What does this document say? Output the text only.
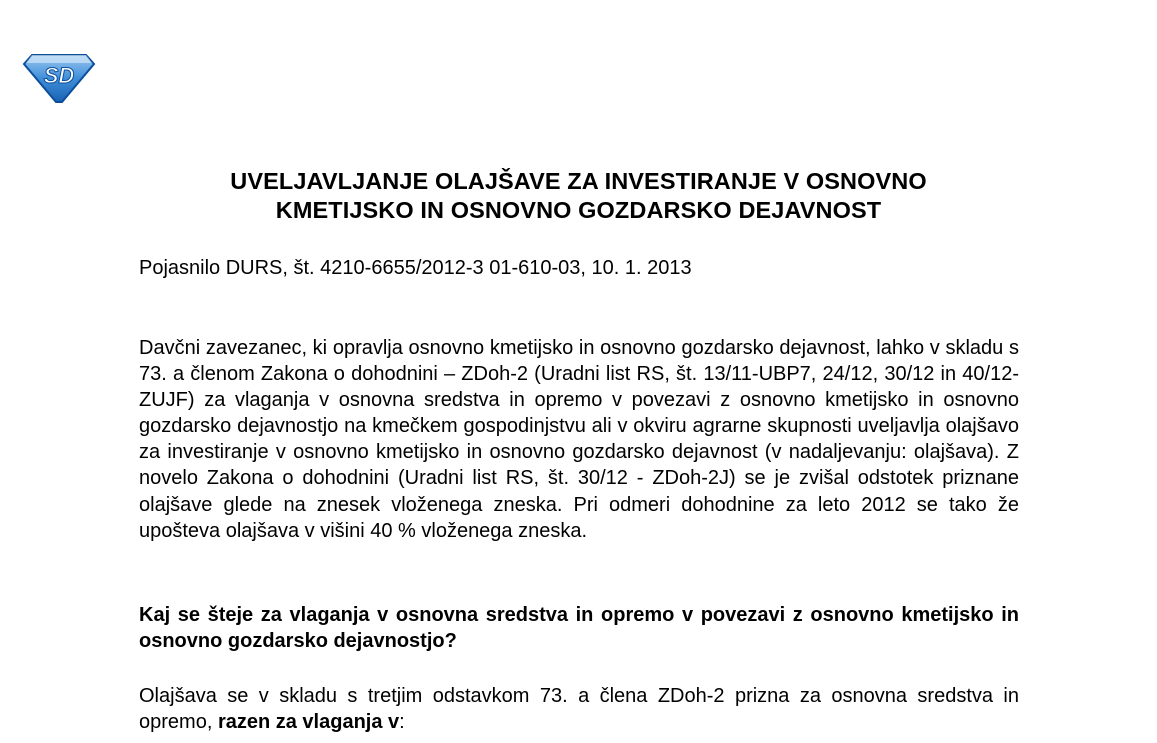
SD
UVELJAVLJANJE OLAJŠAVE ZA INVESTIRANJE V OSNOVNO
KMETIJSKO IN OSNOVNO GOZDARSKO DEJAVNOST
Pojasnilo DURS, št. 4210-6655/2012-3 01-610-03, 10. 1. 2013

Davčni zavezanec, ki opravlja osnovno kmetijsko in osnovno gozdarsko dejavnost, lahko v skladu s 73. a členom Zakona o dohodnini – ZDoh-2 (Uradni list RS, št. 13/11-UBP7, 24/12, 30/12 in 40/12-ZUJF) za vlaganja v osnovna sredstva in opremo v povezavi z osnovno kmetijsko in osnovno gozdarsko dejavnostjo na kmečkem gospodinjstvu ali v okviru agrarne skupnosti uveljavlja olajšavo za investiranje v osnovno kmetijsko in osnovno gozdarsko dejavnost (v nadaljevanju: olajšava). Z novelo Zakona o dohodnini (Uradni list RS, št. 30/12 - ZDoh-2J) se je zvišal odstotek priznane olajšave glede na znesek vloženega zneska. Pri odmeri dohodnine za leto 2012 se tako že upošteva olajšava v višini 40 % vloženega zneska.

Kaj se šteje za vlaganja v osnovna sredstva in opremo v povezavi z osnovno kmetijsko in osnovno gozdarsko dejavnostjo?

Olajšava se v skladu s tretjim odstavkom 73. a člena ZDoh-2 prizna za osnovna sredstva in opremo, razen za vlaganja v:
